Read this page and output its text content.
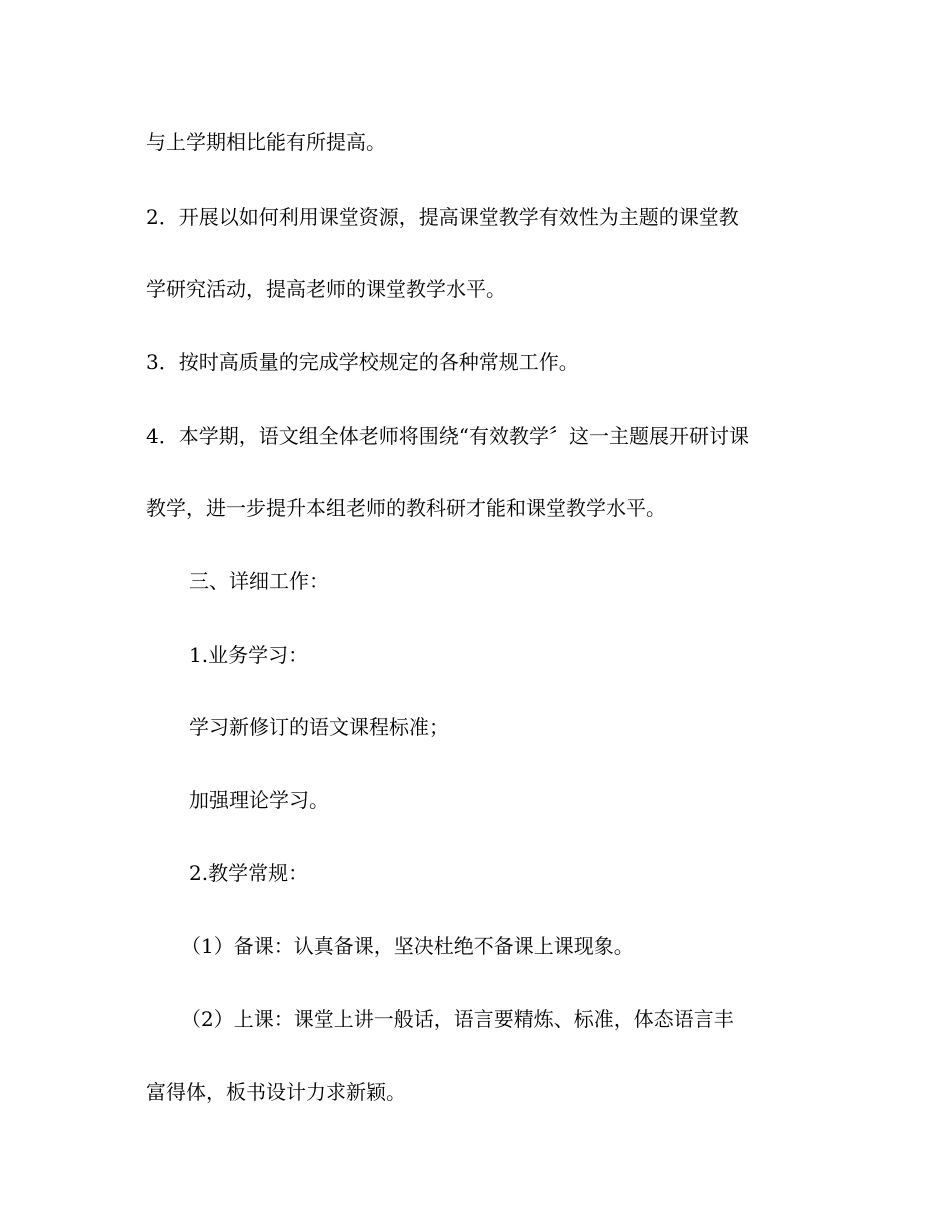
与上学期相比能有所提高。
2．开展以如何利用课堂资源，提高课堂教学有效性为主题的课堂教
学研究活动，提高老师的课堂教学水平。
3．按时高质量的完成学校规定的各种常规工作。
4．本学期，语文组全体老师将围绕“有效教学〞这一主题展开研讨课
教学，进一步提升本组老师的教科研才能和课堂教学水平。
三、详细工作：
1.业务学习：
学习新修订的语文课程标准；
加强理论学习。
2.教学常规：
（1）备课：认真备课，坚决杜绝不备课上课现象。
（2）上课：课堂上讲一般话，语言要精炼、标准，体态语言丰
富得体，板书设计力求新颖。
